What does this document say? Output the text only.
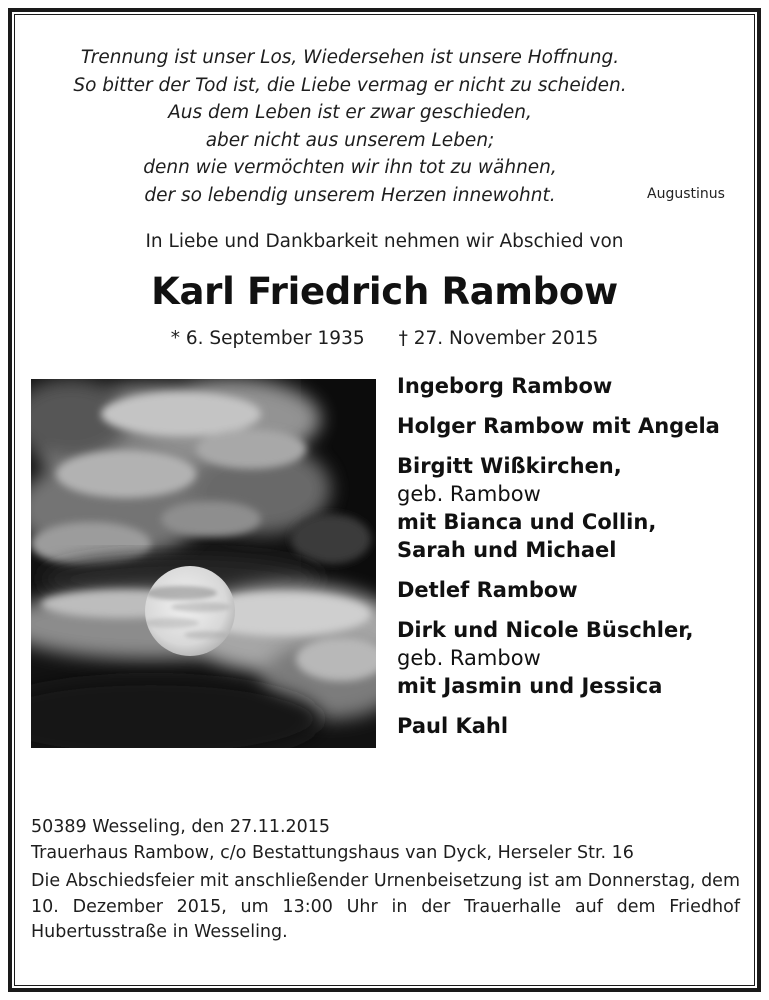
Trennung ist unser Los, Wiedersehen ist unsere Hoffnung.
So bitter der Tod ist, die Liebe vermag er nicht zu scheiden.
Aus dem Leben ist er zwar geschieden,
aber nicht aus unserem Leben;
denn wie vermöchten wir ihn tot zu wähnen,
der so lebendig unserem Herzen innewohnt.	Augustinus
In Liebe und Dankbarkeit nehmen wir Abschied von
Karl Friedrich Rambow
* 6. September 1935 † 27. November 2015
Ingeborg Rambow
Holger Rambow mit Angela
Birgitt Wißkirchen,
geb. Rambow
mit Bianca und Collin,
Sarah und Michael
Detlef Rambow
Dirk und Nicole Büschler,
geb. Rambow
mit Jasmin und Jessica
Paul Kahl
50389 Wesseling, den 27.11.2015
Trauerhaus Rambow, c/o Bestattungshaus van Dyck, Herseler Str. 16
Die Abschiedsfeier mit anschließender Urnenbeisetzung ist am Donnerstag, dem 10. Dezember 2015, um 13:00 Uhr in der Trauerhalle auf dem Friedhof Hubertusstraße in Wesseling.
